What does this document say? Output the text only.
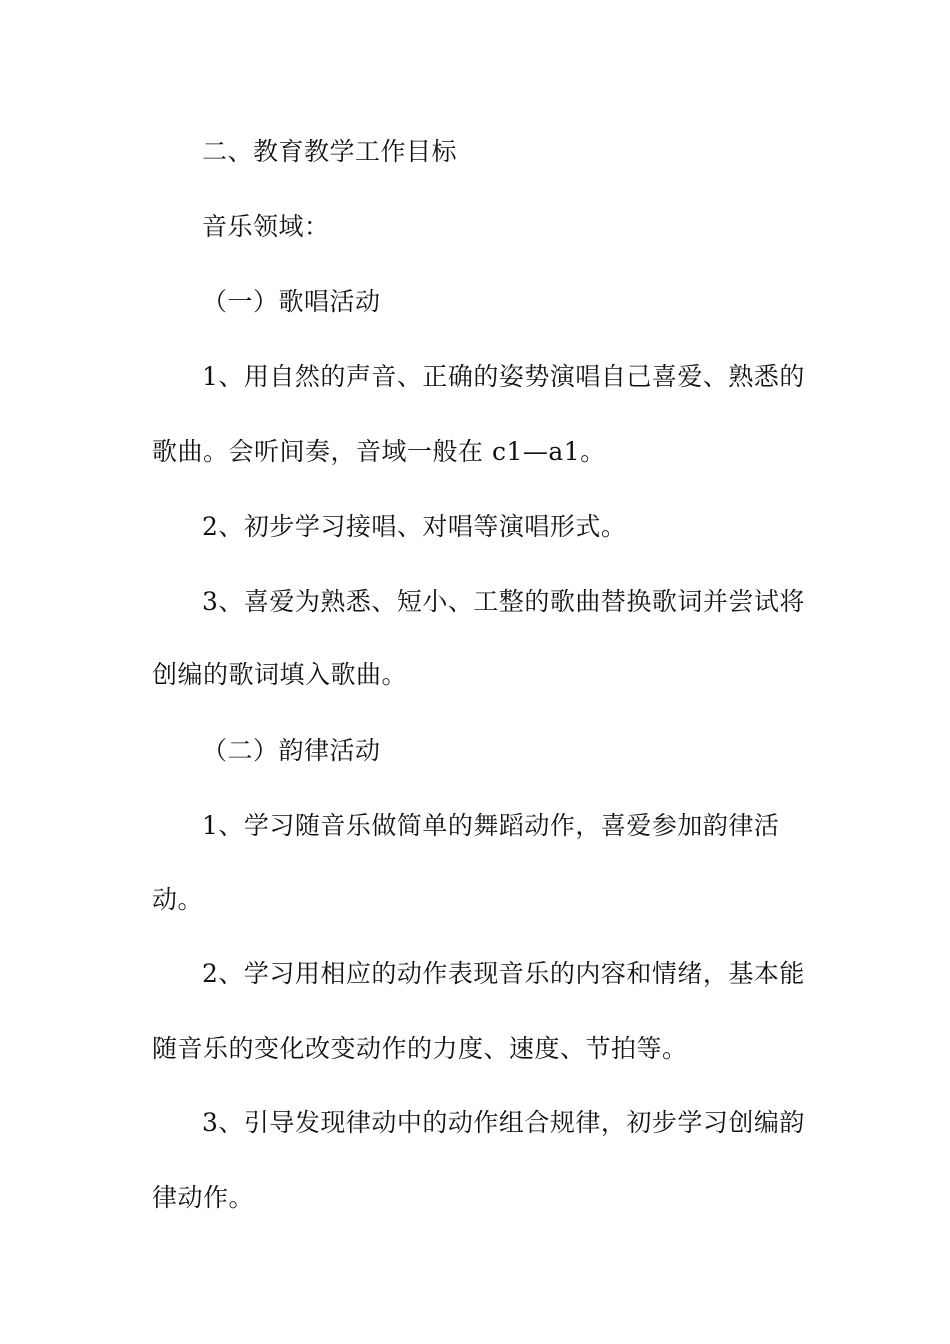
二、教育教学工作目标
音乐领域：
（一）歌唱活动
1、用自然的声音、正确的姿势演唱自己喜爱、熟悉的
歌曲。会听间奏，音域一般在 c1—a1。
2、初步学习接唱、对唱等演唱形式。
3、喜爱为熟悉、短小、工整的歌曲替换歌词并尝试将
创编的歌词填入歌曲。
（二）韵律活动
1、学习随音乐做简单的舞蹈动作，喜爱参加韵律活
动。
2、学习用相应的动作表现音乐的内容和情绪，基本能
随音乐的变化改变动作的力度、速度、节拍等。
3、引导发现律动中的动作组合规律，初步学习创编韵
律动作。
